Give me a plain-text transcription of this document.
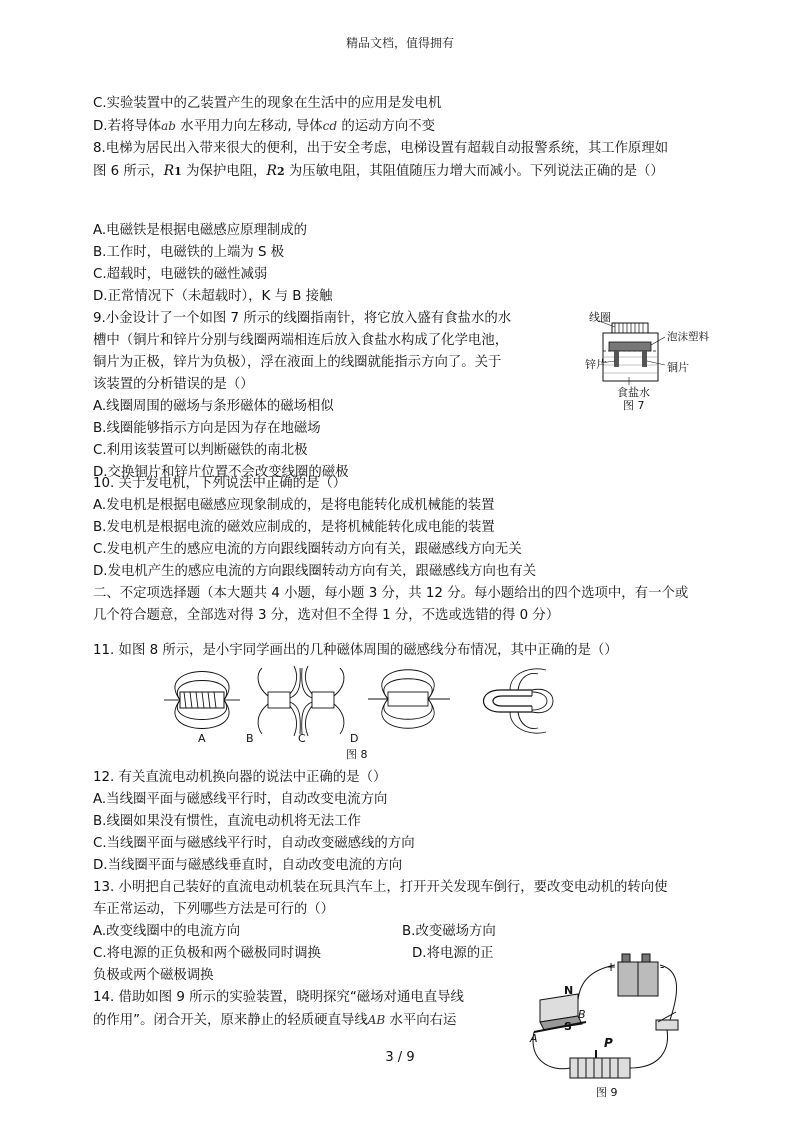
精品文档，值得拥有
C.实验装置中的乙装置产生的现象在生活中的应用是发电机
D.若将导体ab 水平用力向左移动, 导体cd 的运动方向不变
8.电梯为居民出入带来很大的便利，出于安全考虑，电梯设置有超载自动报警系统，其工作原理如
图 6 所示，R1 为保护电阻，R2 为压敏电阻，其阻值随压力增大而减小。下列说法正确的是（）
A.电磁铁是根据电磁感应原理制成的
B.工作时，电磁铁的上端为 S 极
C.超载时，电磁铁的磁性减弱
D.正常情况下（未超载时），K 与 B 接触
9.小金设计了一个如图 7 所示的线圈指南针，将它放入盛有食盐水的水
槽中（铜片和锌片分别与线圈两端相连后放入食盐水构成了化学电池，
铜片为正极，锌片为负极），浮在液面上的线圈就能指示方向了。关于
该装置的分析错误的是（）
A.线圈周围的磁场与条形磁体的磁场相似
B.线圈能够指示方向是因为存在地磁场
C.利用该装置可以判断磁铁的南北极
D.交换铜片和锌片位置不会改变线圈的磁极
线圈
泡沫塑料
锌片	铜片
食盐水
图 7
10. 关于发电机，下列说法中正确的是（）
A.发电机是根据电磁感应现象制成的，是将电能转化成机械能的装置
B.发电机是根据电流的磁效应制成的，是将机械能转化成电能的装置
C.发电机产生的感应电流的方向跟线圈转动方向有关，跟磁感线方向无关
D.发电机产生的感应电流的方向跟线圈转动方向有关，跟磁感线方向也有关
二、不定项选择题（本大题共 4 小题，每小题 3 分，共 12 分。每小题给出的四个选项中，有一个或
几个符合题意，全部选对得 3 分，选对但不全得 1 分，不选或选错的得 0 分）
11. 如图 8 所示，是小宇同学画出的几种磁体周围的磁感线分布情况，其中正确的是（）
A	B	C	D
图 8
12. 有关直流电动机换向器的说法中正确的是（）
A.当线圈平面与磁感线平行时，自动改变电流方向
B.线圈如果没有惯性，直流电动机将无法工作
C.当线圈平面与磁感线平行时，自动改变磁感线的方向
D.当线圈平面与磁感线垂直时，自动改变电流的方向
13. 小明把自己装好的直流电动机装在玩具汽车上，打开开关发现车倒行，要改变电动机的转向使
车正常运动，下列哪些方法是可行的（）
A.改变线圈中的电流方向	B.改变磁场方向
C.将电源的正负极和两个磁极同时调换	D.将电源的正
负极或两个磁极调换
14. 借助如图 9 所示的实验装置，晓明探究“磁场对通电直导线
的作用”。闭合开关，原来静止的轻质硬直导线AB 水平向右运
+	-
N
S
A
B
P
图 9
3 / 9
